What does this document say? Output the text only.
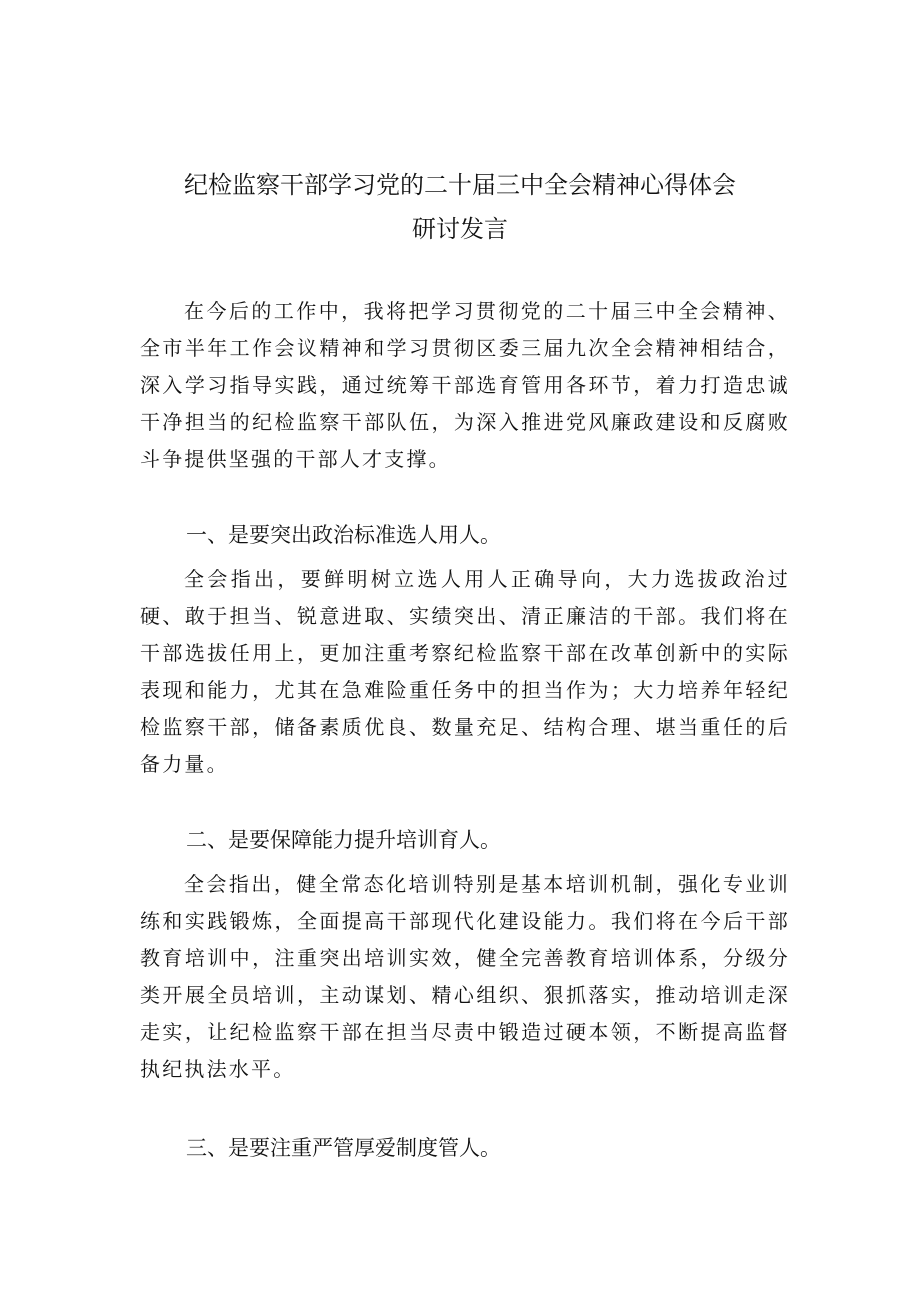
纪检监察干部学习党的二十届三中全会精神心得体会
研讨发言

在今后的工作中，我将把学习贯彻党的二十届三中全会精神、全市半年工作会议精神和学习贯彻区委三届九次全会精神相结合，深入学习指导实践，通过统筹干部选育管用各环节，着力打造忠诚干净担当的纪检监察干部队伍，为深入推进党风廉政建设和反腐败斗争提供坚强的干部人才支撑。

一、是要突出政治标准选人用人。

全会指出，要鲜明树立选人用人正确导向，大力选拔政治过硬、敢于担当、锐意进取、实绩突出、清正廉洁的干部。我们将在干部选拔任用上，更加注重考察纪检监察干部在改革创新中的实际表现和能力，尤其在急难险重任务中的担当作为；大力培养年轻纪检监察干部，储备素质优良、数量充足、结构合理、堪当重任的后备力量。

二、是要保障能力提升培训育人。

全会指出，健全常态化培训特别是基本培训机制，强化专业训练和实践锻炼，全面提高干部现代化建设能力。我们将在今后干部教育培训中，注重突出培训实效，健全完善教育培训体系，分级分类开展全员培训，主动谋划、精心组织、狠抓落实，推动培训走深走实，让纪检监察干部在担当尽责中锻造过硬本领，不断提高监督执纪执法水平。

三、是要注重严管厚爱制度管人。
